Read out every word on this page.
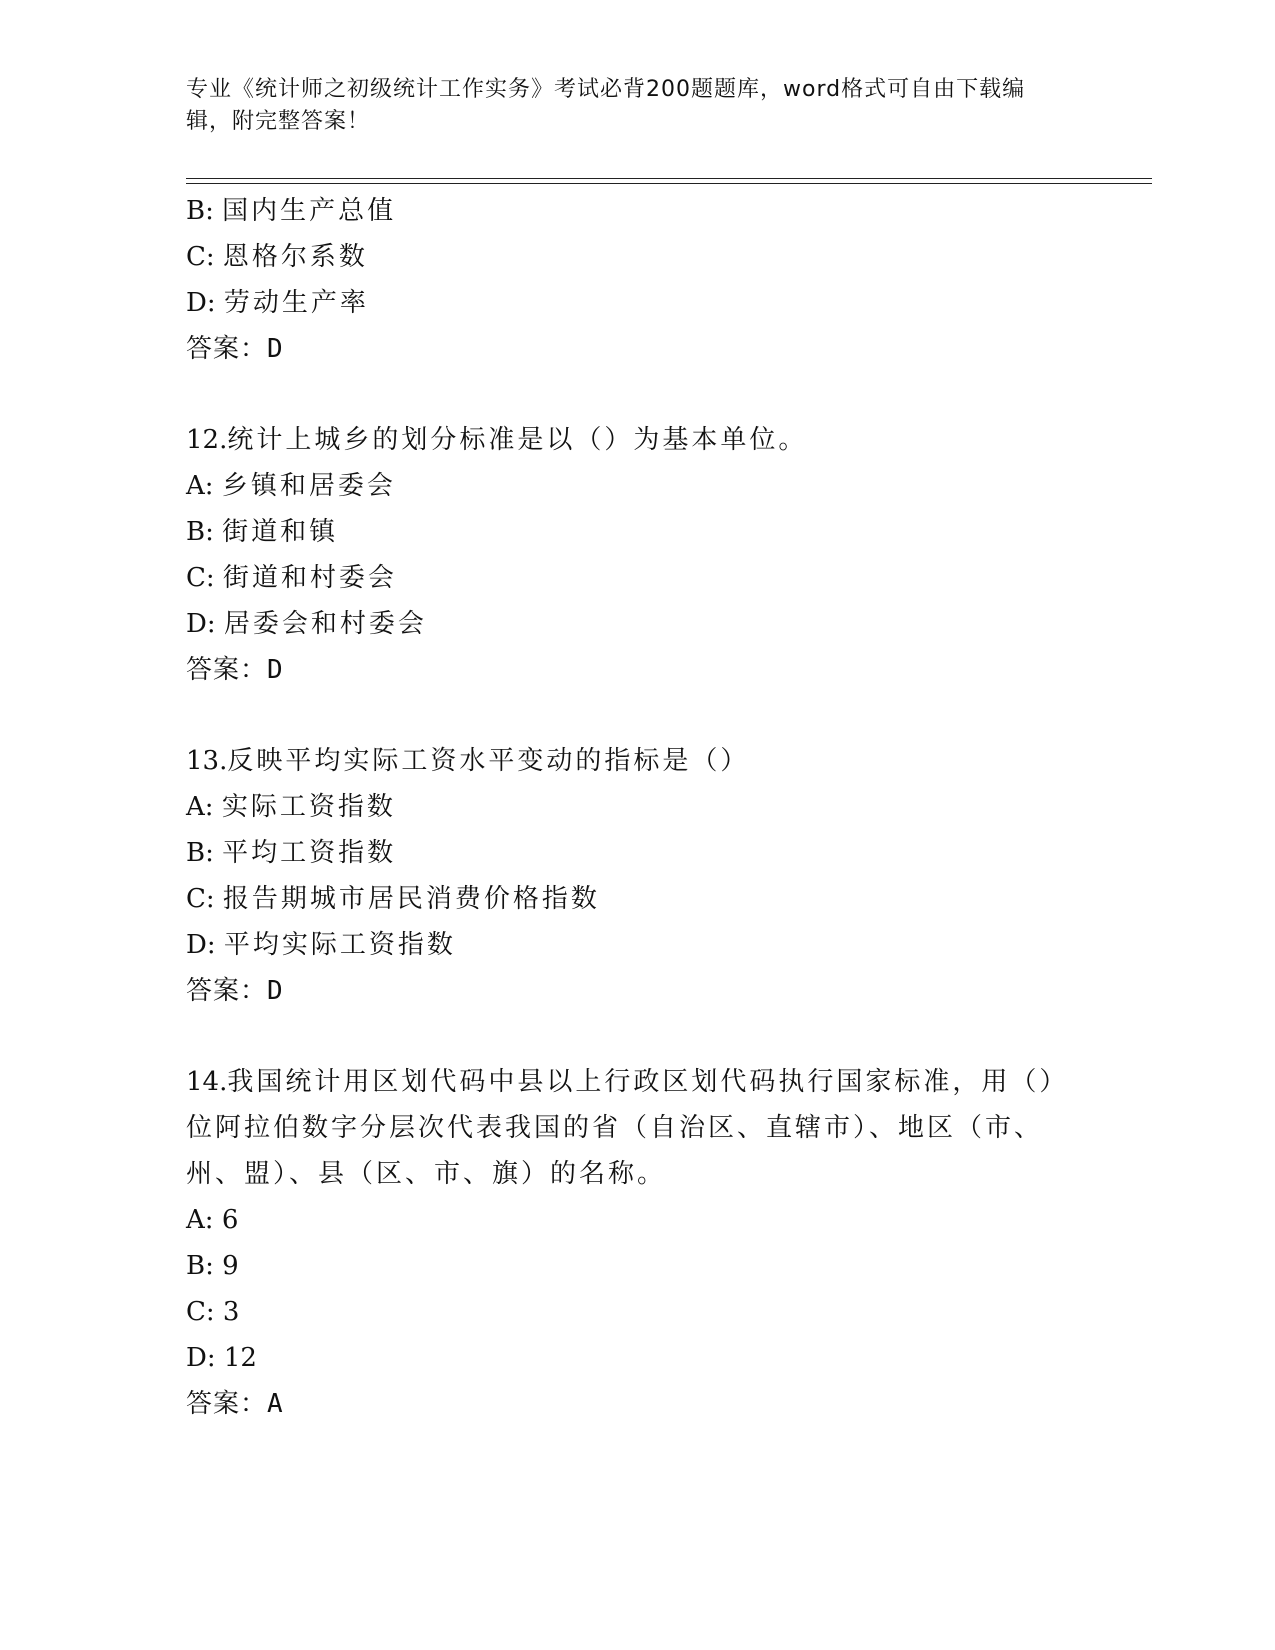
专业《统计师之初级统计工作实务》考试必背200题题库，word格式可自由下载编辑，附完整答案！
B: 国内生产总值
C: 恩格尔系数
D: 劳动生产率
答案：D
12.统计上城乡的划分标准是以（）为基本单位。
A: 乡镇和居委会
B: 街道和镇
C: 街道和村委会
D: 居委会和村委会
答案：D
13.反映平均实际工资水平变动的指标是（）
A: 实际工资指数
B: 平均工资指数
C: 报告期城市居民消费价格指数
D: 平均实际工资指数
答案：D
14.我国统计用区划代码中县以上行政区划代码执行国家标准，用（）位阿拉伯数字分层次代表我国的省（自治区、直辖市）、地区（市、州、盟）、县（区、市、旗）的名称。
A: 6
B: 9
C: 3
D: 12
答案：A
